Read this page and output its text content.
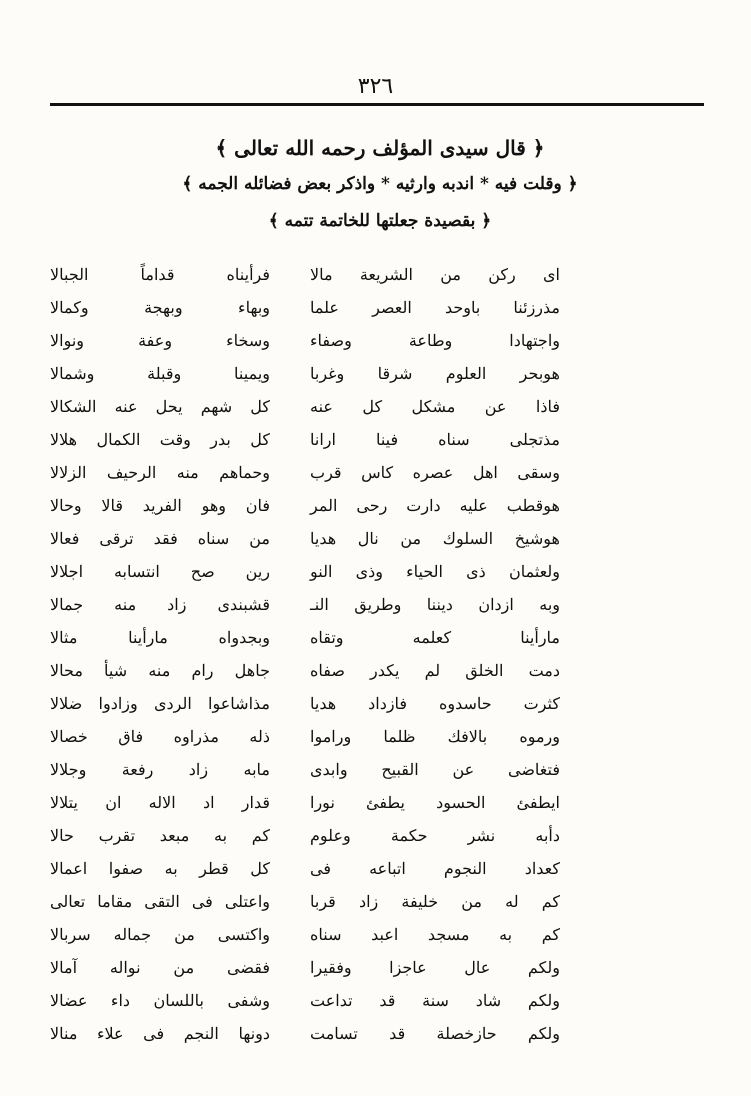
٣٢٦
﴿ قال سيدى المؤلف رحمه الله تعالى ﴾
﴿ وقلت فيه * اندبه وارثيه * واذكر بعض فضائله الجمه ﴾
﴿ بقصيدة جعلتها للخاتمة تتمه ﴾
اى ركن من الشريعة مالا
فرأيناه قداماً الجبالا
مذرزئنا باوحد العصر علما
وبهاء وبهجة وكمالا
واجتهادا وطاعة وصفاء
وسخاء وعفة ونوالا
هوبحر العلوم شرقا وغربا
ويمينا وقبلة وشمالا
فاذا عن مشكل كل عنه
كل شهم يحل عنه الشكالا
مذتجلى سناه فينا ارانا
كل بدر وقت الكمال هلالا
وسقى اهل عصره كاس قرب
وحماهم منه الرحيف الزلالا
هوقطب عليه دارت رحى المر
فان وهو الفريد قالا وحالا
هوشيخ السلوك من نال هديا
من سناه فقد ترقى فعالا
ولعثمان ذى الحياء وذى النو
رين صح انتسابه اجلالا
وبه ازدان ديننا وطريق النـ
قشبندى زاد منه جمالا
مارأينا كعلمه وتقاه
وبجدواه مارأينا مثالا
دمت الخلق لم يكدر صفاه
جاهل رام منه شيأ محالا
كثرت حاسدوه فازداد هديا
مذاشاعوا الردى وزادوا ضلالا
ورموه بالافك ظلما وراموا
ذله مذراوه فاق خصالا
فتغاضى عن القبيح وابدى
مابه زاد رفعة وجلالا
ايطفئ الحسود يطفئ نورا
قدار اد الاله ان يتلالا
دأبه نشر حكمة وعلوم
كم به مبعد تقرب حالا
كعداد النجوم اتباعه فى
كل قطر به صفوا اعمالا
كم له من خليفة زاد قربا
واعتلى فى التقى مقاما تعالى
كم به مسجد اعبد سناه
واكتسى من جماله سربالا
ولكم عال عاجزا وفقيرا
فقضى من نواله آمالا
ولكم شاد سنة قد تداعت
وشفى باللسان داء عضالا
ولكم حازخصلة قد تسامت
دونها النجم فى علاء منالا
